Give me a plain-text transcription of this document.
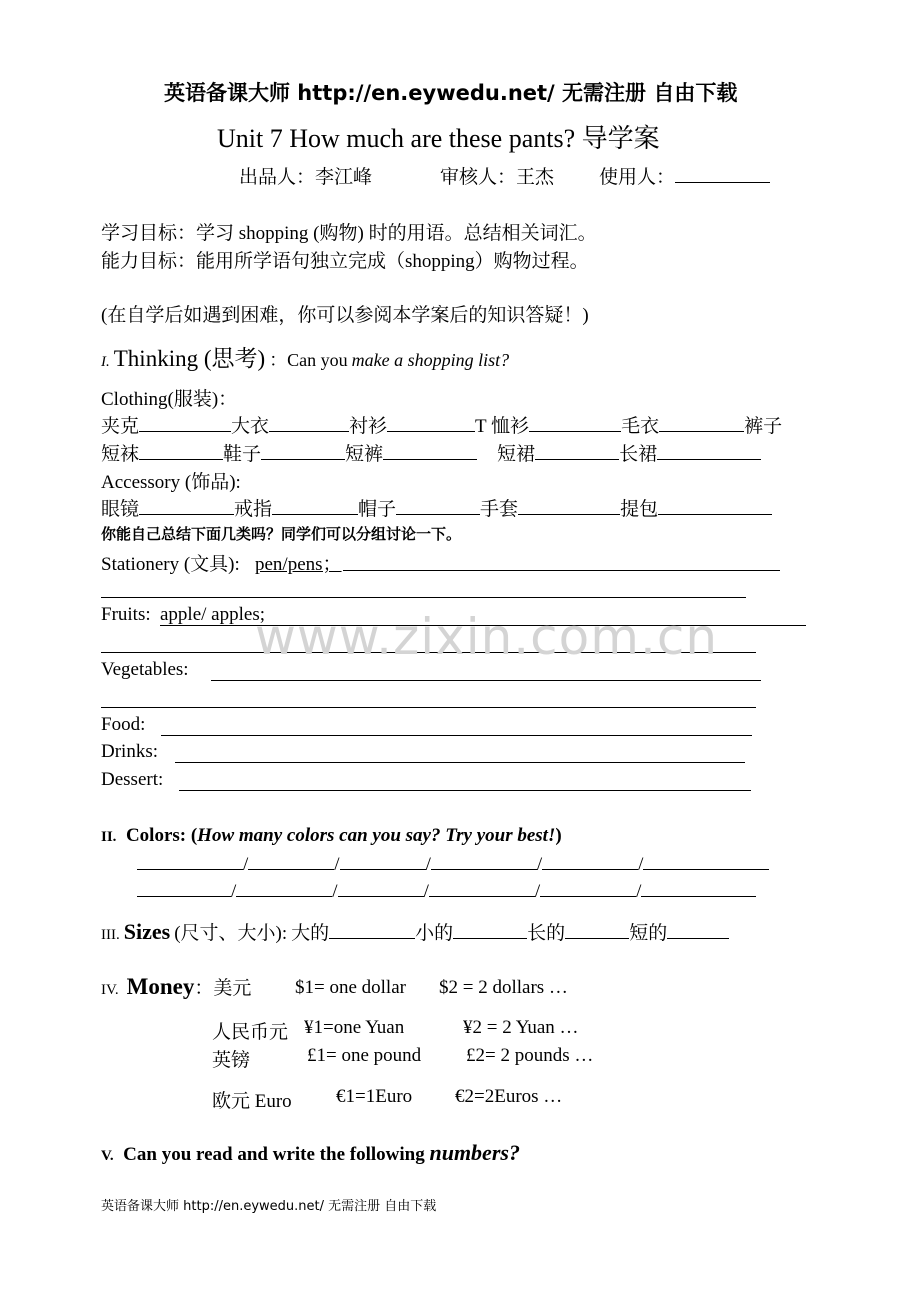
英语备课大师 http://en.eywedu.net/ 无需注册 自由下载
Unit 7 How much are these pants? 导学案
出品人：李江峰	审核人：王杰 使用人：
学习目标：学习 shopping (购物) 时的用语。总结相关词汇。
能力目标：能用所学语句独立完成（shopping）购物过程。
(在自学后如遇到困难，你可以参阅本学案后的知识答疑！)
I. Thinking (思考) ：Can you make a shopping list?
Clothing(服装)：
夹克	大衣	衬衫	T 恤衫	毛衣	裤子
短袜	鞋子	短裤	短裙	长裙
Accessory (饰品):
眼镜	戒指	帽子	手套	提包
你能自己总结下面几类吗？同学们可以分组讨论一下。
Stationery (文具): pen/pens；
Fruits: apple/ apples;
Vegetables:
Food:
Drinks:
Dessert:
www.zixin.com.cn
II. Colors: (How many colors can you say? Try your best!)
/	/	/	/	/
/	/	/	/	/
III. Sizes (尺寸、大小): 大的	小的	长的	短的
IV. Money：美元 $1= one dollar $2 = 2 dollars …
人民币元 ¥1=one Yuan	¥2 = 2 Yuan …
英镑	£1= one pound £2= 2 pounds …
欧元 Euro €1=1Euro €2=2Euros …
V. Can you read and write the following numbers?
英语备课大师 http://en.eywedu.net/ 无需注册 自由下载
